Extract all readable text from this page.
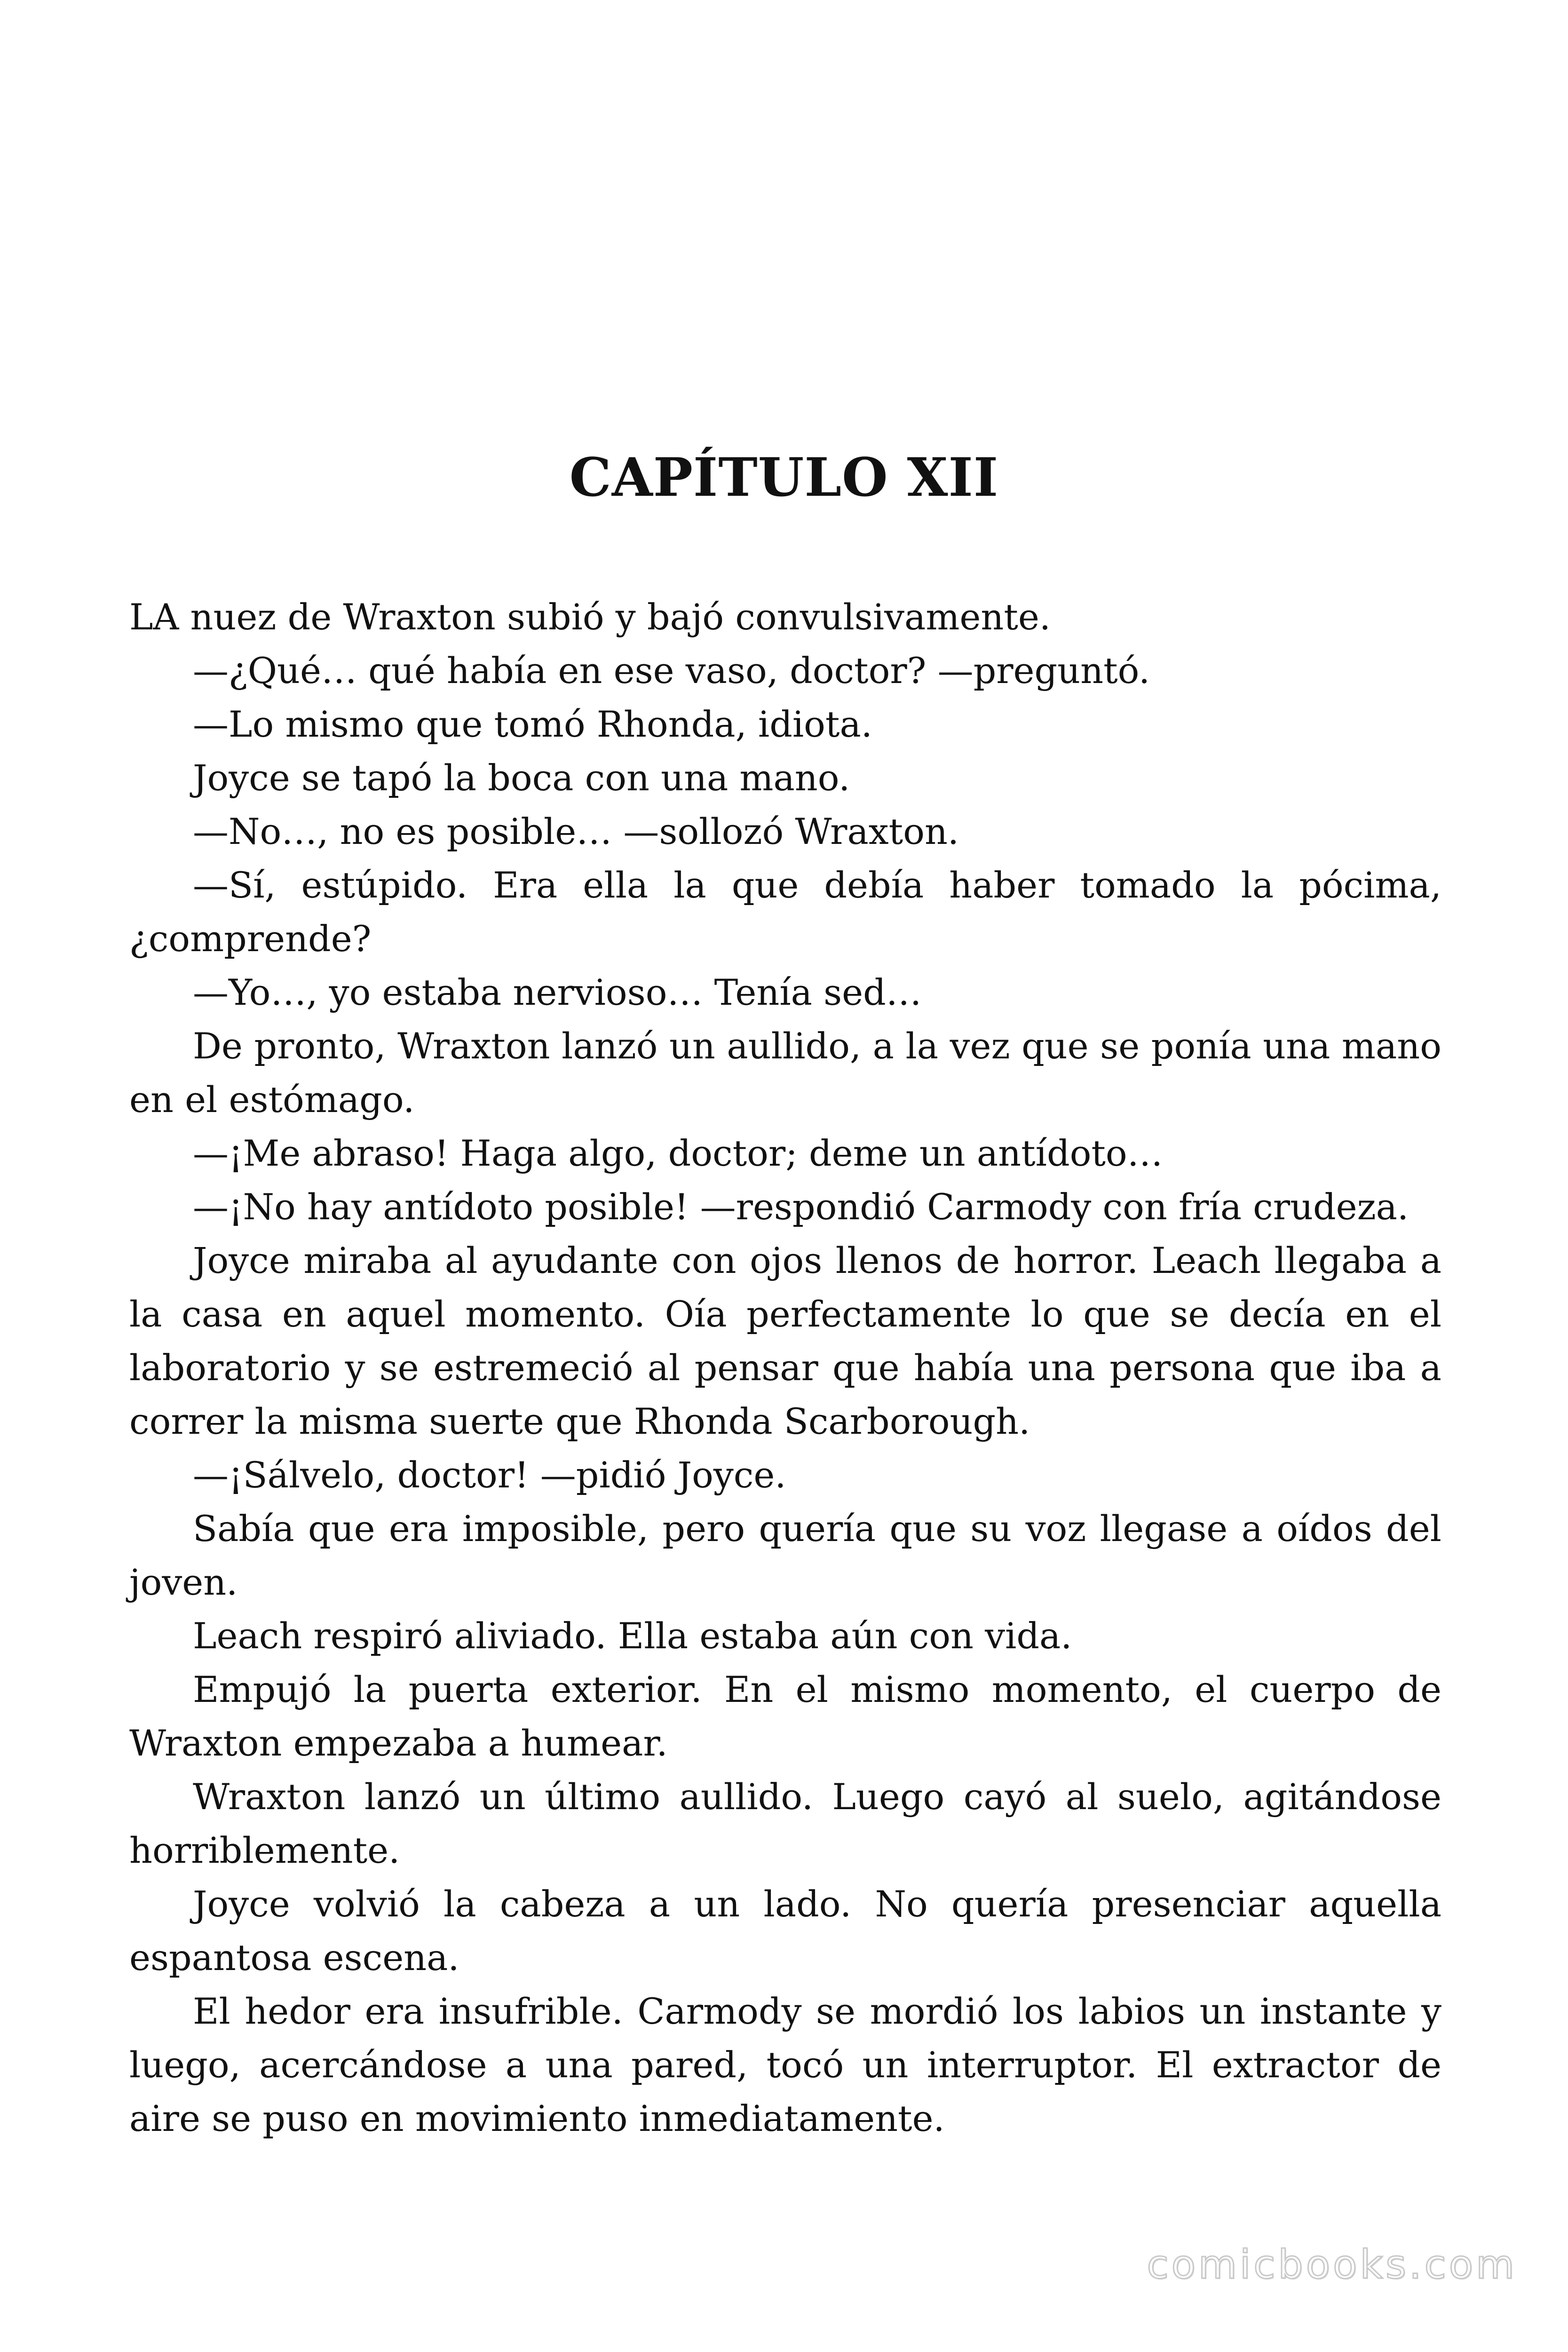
CAPÍTULO XII

LA nuez de Wraxton subió y bajó convulsivamente.

—¿Qué… qué había en ese vaso, doctor? —preguntó.

—Lo mismo que tomó Rhonda, idiota.

Joyce se tapó la boca con una mano.

—No…, no es posible… —sollozó Wraxton.

—Sí, estúpido. Era ella la que debía haber tomado la pócima, ¿comprende?

—Yo…, yo estaba nervioso… Tenía sed…

De pronto, Wraxton lanzó un aullido, a la vez que se ponía una mano en el estómago.

—¡Me abraso! Haga algo, doctor; deme un antídoto…

—¡No hay antídoto posible! —respondió Carmody con fría crudeza.

Joyce miraba al ayudante con ojos llenos de horror. Leach llegaba a la casa en aquel momento. Oía perfectamente lo que se decía en el laboratorio y se estremeció al pensar que había una persona que iba a correr la misma suerte que Rhonda Scarborough.

—¡Sálvelo, doctor! —pidió Joyce.

Sabía que era imposible, pero quería que su voz llegase a oídos del joven.

Leach respiró aliviado. Ella estaba aún con vida.

Empujó la puerta exterior. En el mismo momento, el cuerpo de Wraxton empezaba a humear.

Wraxton lanzó un último aullido. Luego cayó al suelo, agitándose horriblemente.

Joyce volvió la cabeza a un lado. No quería presenciar aquella espantosa escena.

El hedor era insufrible. Carmody se mordió los labios un instante y luego, acercándose a una pared, tocó un interruptor. El extractor de aire se puso en movimiento inmediatamente.

comicbooks.com
